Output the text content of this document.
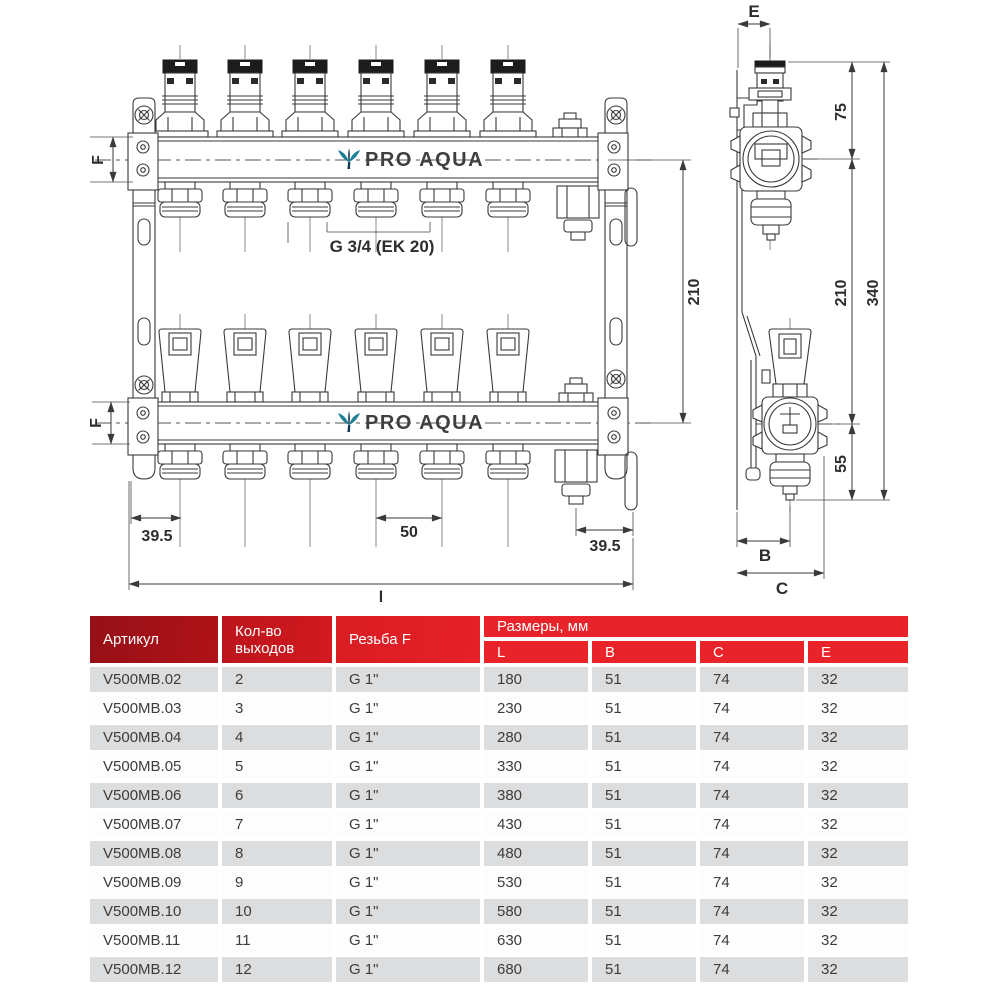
PRO AQUA
PRO AQUA
F
F
G 3/4 (EK 20)
210
39.5	50
39.5
l
E
75
210
55
340
B
C
Артикул	Кол-во выходов	Резьба F	Размеры, мм			
			L	B	C	E
V500MB.02	2	G 1"	180	51	74	32
V500MB.03	3	G 1"	230	51	74	32
V500MB.04	4	G 1"	280	51	74	32
V500MB.05	5	G 1"	330	51	74	32
V500MB.06	6	G 1"	380	51	74	32
V500MB.07	7	G 1"	430	51	74	32
V500MB.08	8	G 1"	480	51	74	32
V500MB.09	9	G 1"	530	51	74	32
V500MB.10	10	G 1"	580	51	74	32
V500MB.11	11	G 1"	630	51	74	32
V500MB.12	12	G 1"	680	51	74	32
